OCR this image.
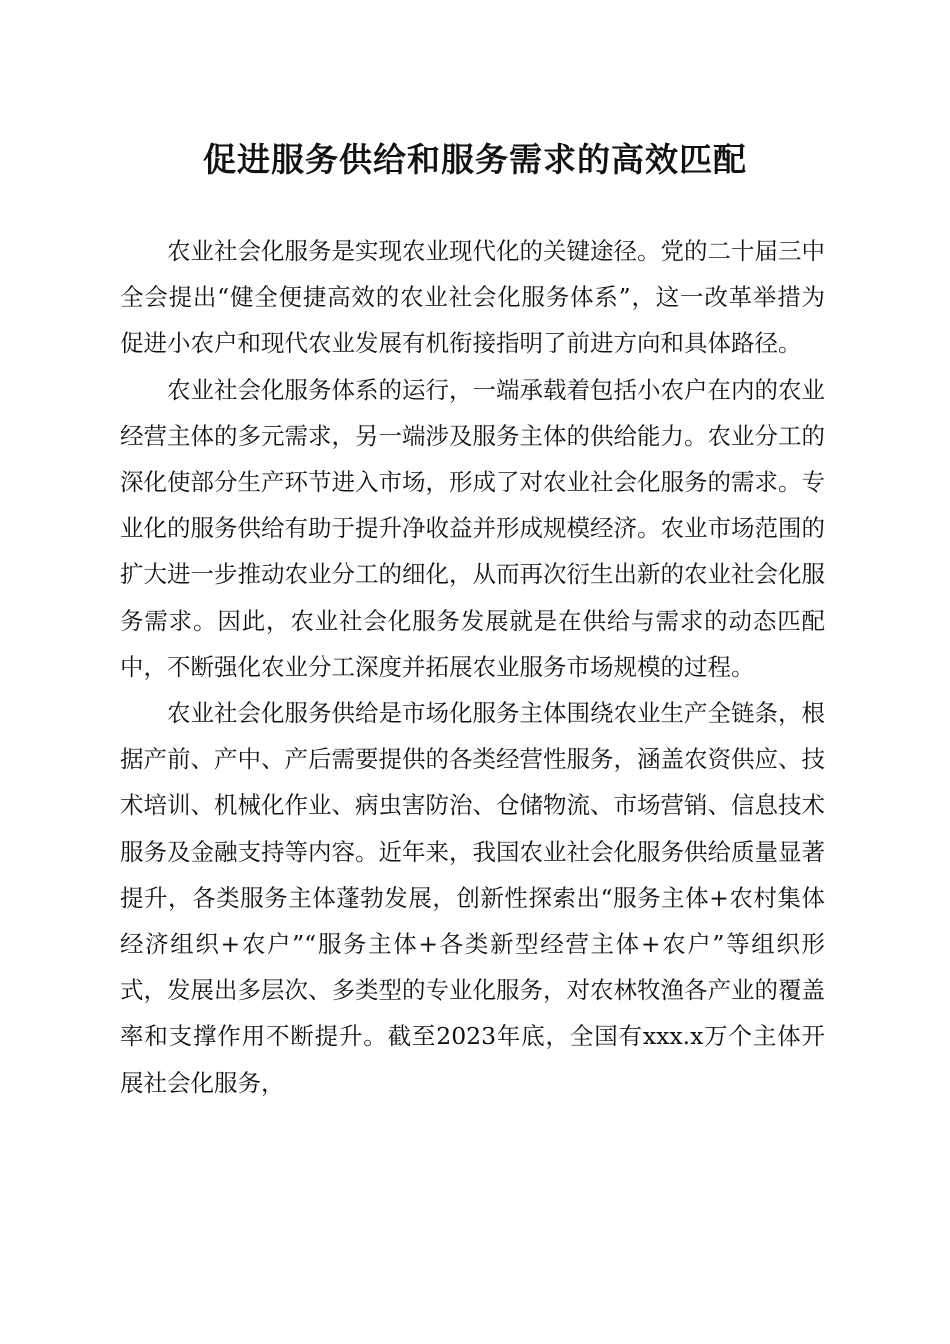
促进服务供给和服务需求的高效匹配

农业社会化服务是实现农业现代化的关键途径。党的二十届三中全会提出“健全便捷高效的农业社会化服务体系”，这一改革举措为促进小农户和现代农业发展有机衔接指明了前进方向和具体路径。

农业社会化服务体系的运行，一端承载着包括小农户在内的农业经营主体的多元需求，另一端涉及服务主体的供给能力。农业分工的深化使部分生产环节进入市场，形成了对农业社会化服务的需求。专业化的服务供给有助于提升净收益并形成规模经济。农业市场范围的扩大进一步推动农业分工的细化，从而再次衍生出新的农业社会化服务需求。因此，农业社会化服务发展就是在供给与需求的动态匹配中，不断强化农业分工深度并拓展农业服务市场规模的过程。

农业社会化服务供给是市场化服务主体围绕农业生产全链条，根据产前、产中、产后需要提供的各类经营性服务，涵盖农资供应、技术培训、机械化作业、病虫害防治、仓储物流、市场营销、信息技术服务及金融支持等内容。近年来，我国农业社会化服务供给质量显著提升，各类服务主体蓬勃发展，创新性探索出“服务主体+农村集体经济组织+农户”“服务主体+各类新型经营主体+农户”等组织形式，发展出多层次、多类型的专业化服务，对农林牧渔各产业的覆盖率和支撑作用不断提升。截至2023年底，全国有xxx.x万个主体开展社会化服务，
